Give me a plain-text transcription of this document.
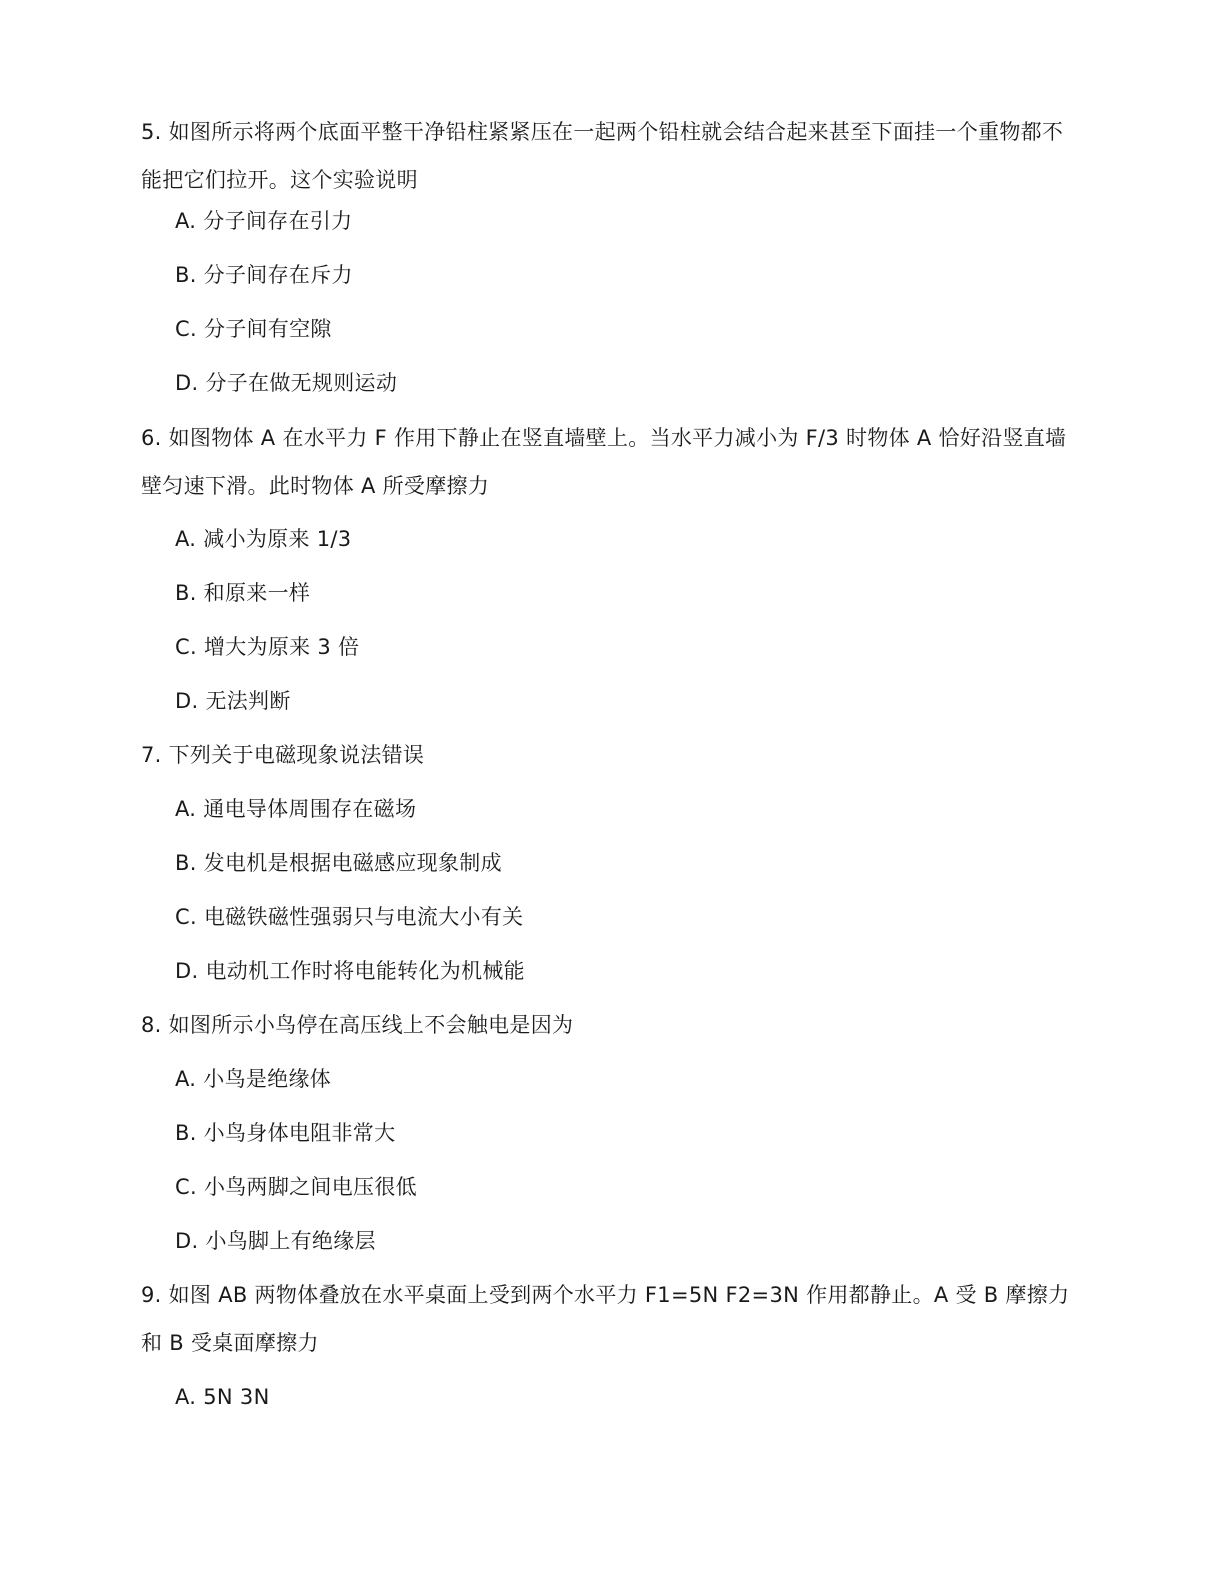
5. 如图所示将两个底面平整干净铅柱紧紧压在一起两个铅柱就会结合起来甚至下面挂一个重物都不能把它们拉开。这个实验说明

A. 分子间存在引力

B. 分子间存在斥力

C. 分子间有空隙

D. 分子在做无规则运动

6. 如图物体 A 在水平力 F 作用下静止在竖直墙壁上。当水平力减小为 F/3 时物体 A 恰好沿竖直墙壁匀速下滑。此时物体 A 所受摩擦力

A. 减小为原来 1/3

B. 和原来一样

C. 增大为原来 3 倍

D. 无法判断

7. 下列关于电磁现象说法错误

A. 通电导体周围存在磁场

B. 发电机是根据电磁感应现象制成

C. 电磁铁磁性强弱只与电流大小有关

D. 电动机工作时将电能转化为机械能

8. 如图所示小鸟停在高压线上不会触电是因为

A. 小鸟是绝缘体

B. 小鸟身体电阻非常大

C. 小鸟两脚之间电压很低

D. 小鸟脚上有绝缘层

9. 如图 AB 两物体叠放在水平桌面上受到两个水平力 F1=5N F2=3N 作用都静止。A 受 B 摩擦力和 B 受桌面摩擦力

A. 5N 3N
